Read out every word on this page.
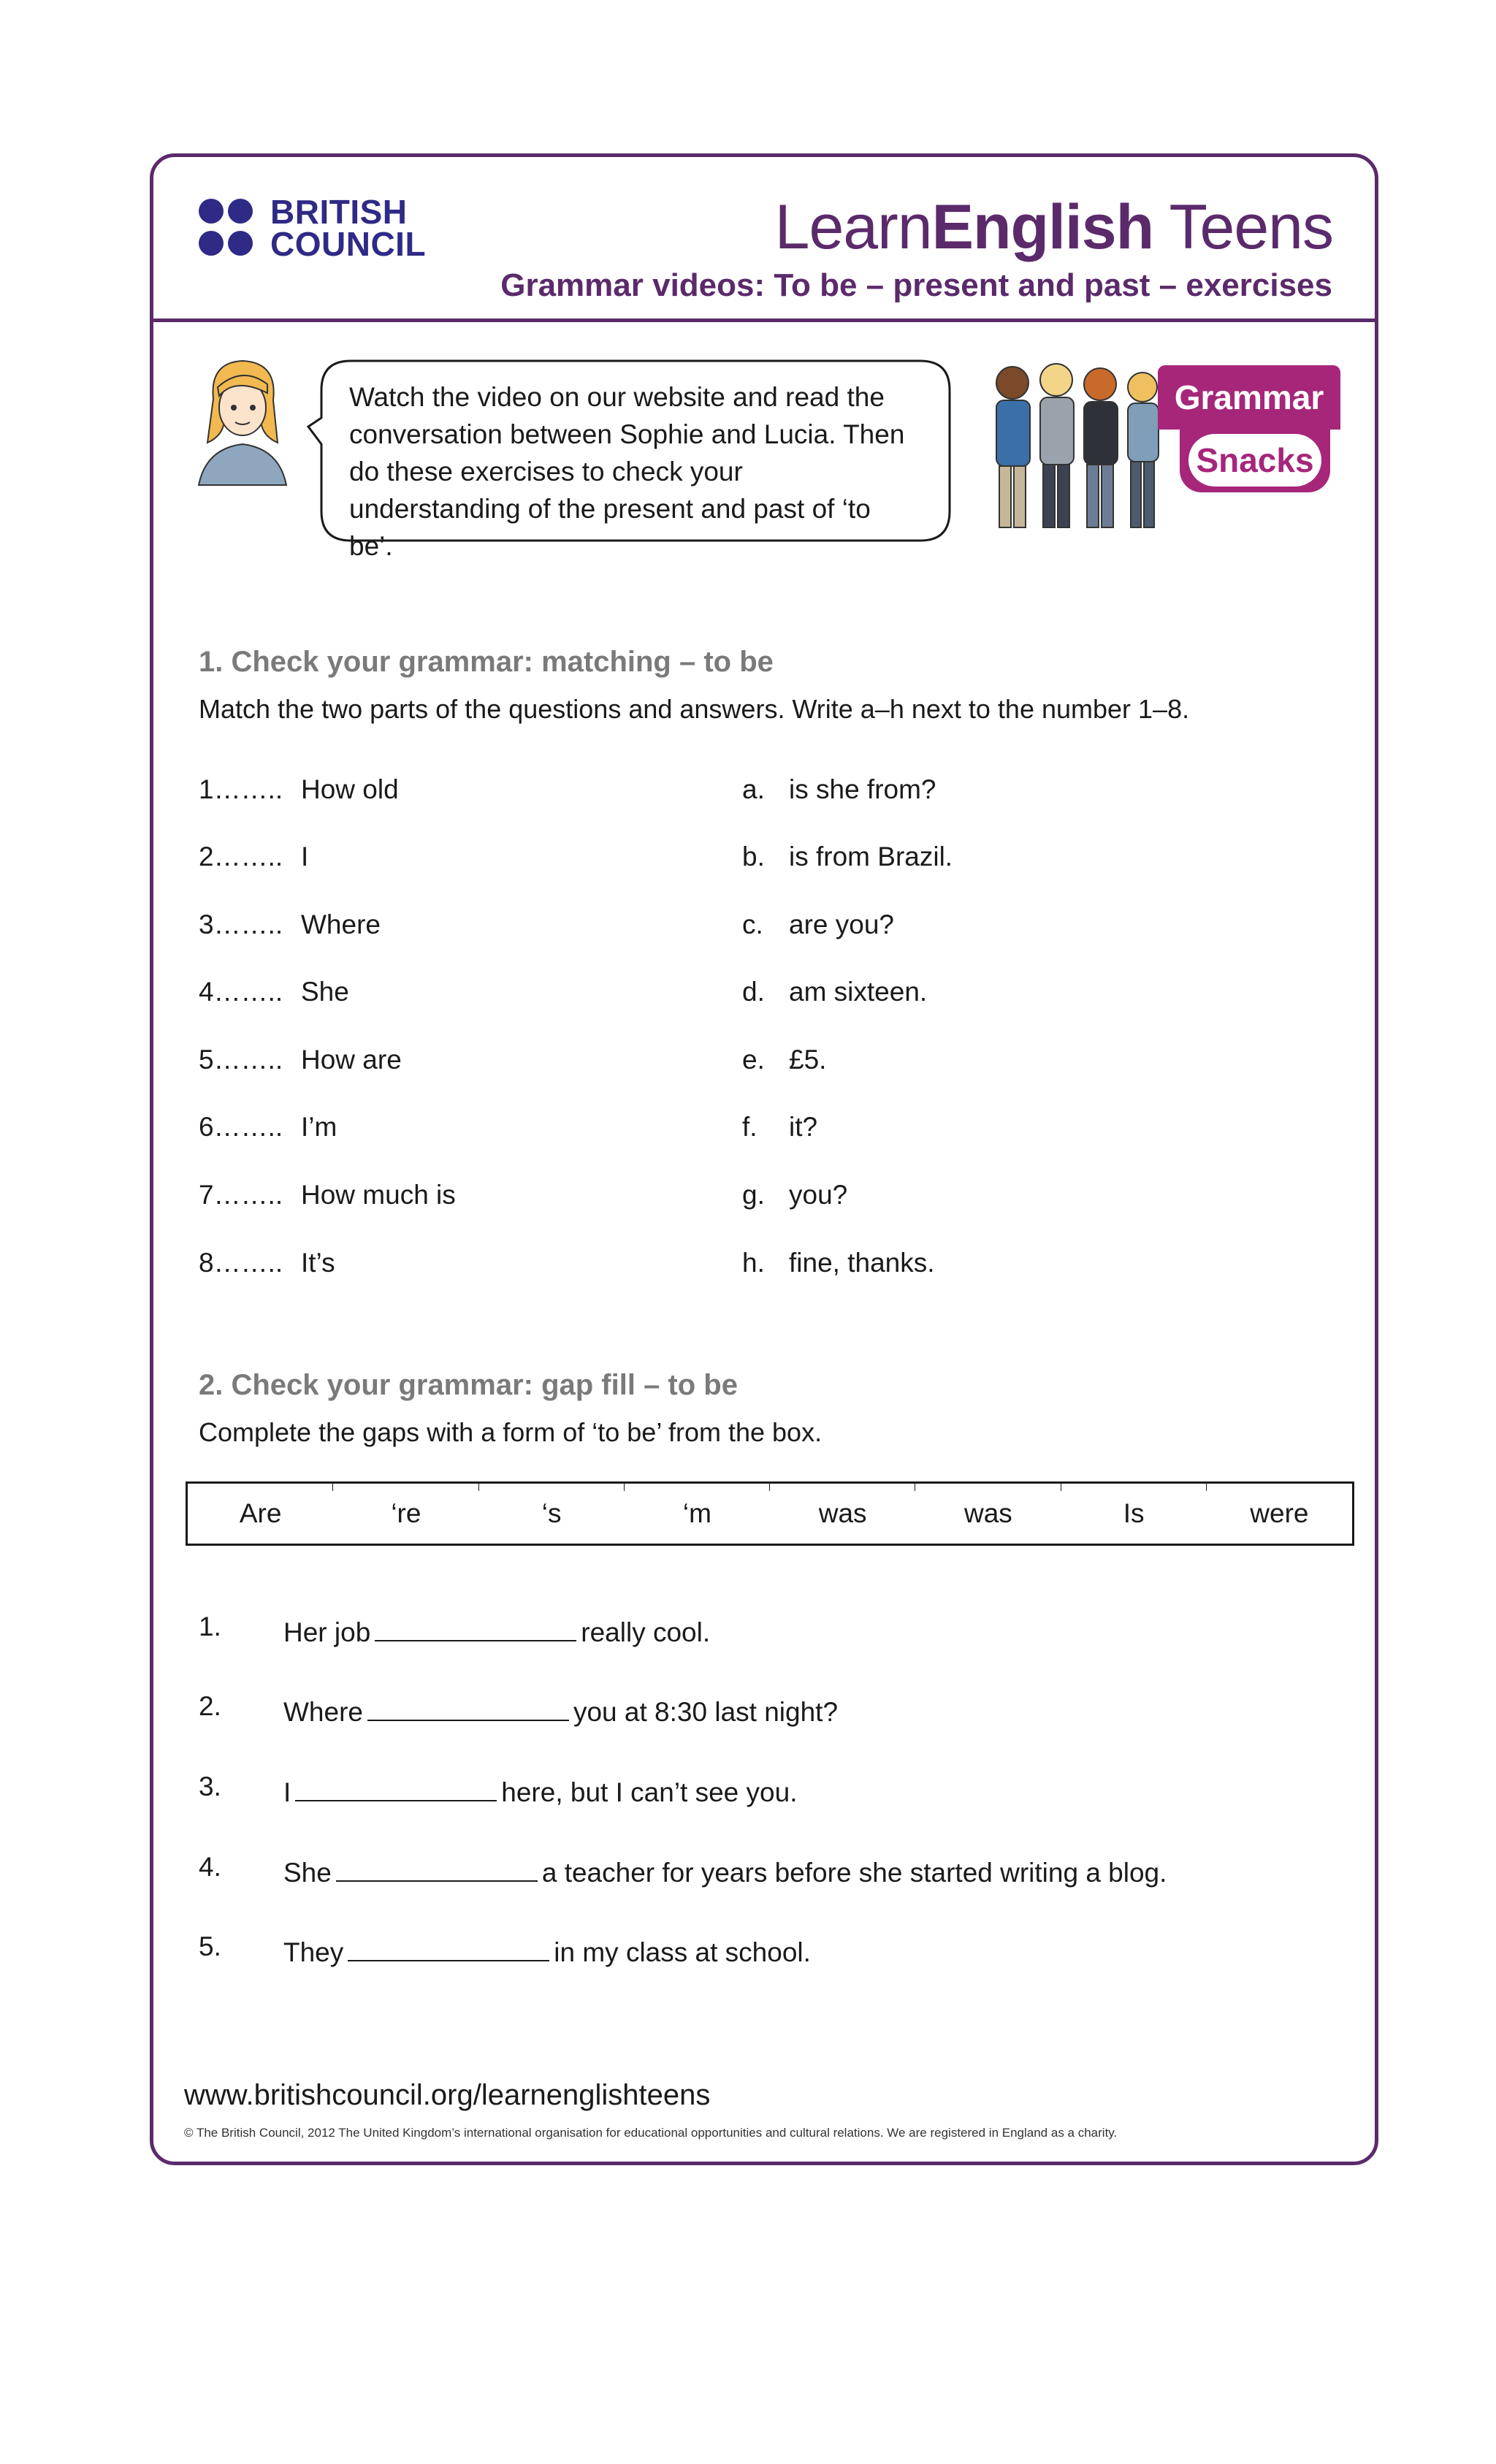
BRITISH
COUNCIL	LearnEnglish Teens
Grammar videos: To be – present and past – exercises
Watch the video on our website and read the conversation between Sophie and Lucia. Then do these exercises to check your understanding of the present and past of ‘to be’.
Grammar
Snacks
1. Check your grammar: matching – to be
Match the two parts of the questions and answers. Write a–h next to the number 1–8.
1…….. How old	a. is she from?
2…….. I	b. is from Brazil.
3…….. Where	c. are you?
4…….. She	d. am sixteen.
5…….. How are	e. £5.
6…….. I’m	f. it?
7…….. How much is	g. you?
8…….. It’s	h. fine, thanks.
2. Check your grammar: gap fill – to be
Complete the gaps with a form of ‘to be’ from the box.
Are	‘re	‘s	‘m	was	was	Is	were
1. Her job	really cool.
2. Where	you at 8:30 last night?
3. I	here, but I can’t see you.
4. She	a teacher for years before she started writing a blog.
5. They	in my class at school.
www.britishcouncil.org/learnenglishteens
© The British Council, 2012 The United Kingdom’s international organisation for educational opportunities and cultural relations. We are registered in England as a charity.
